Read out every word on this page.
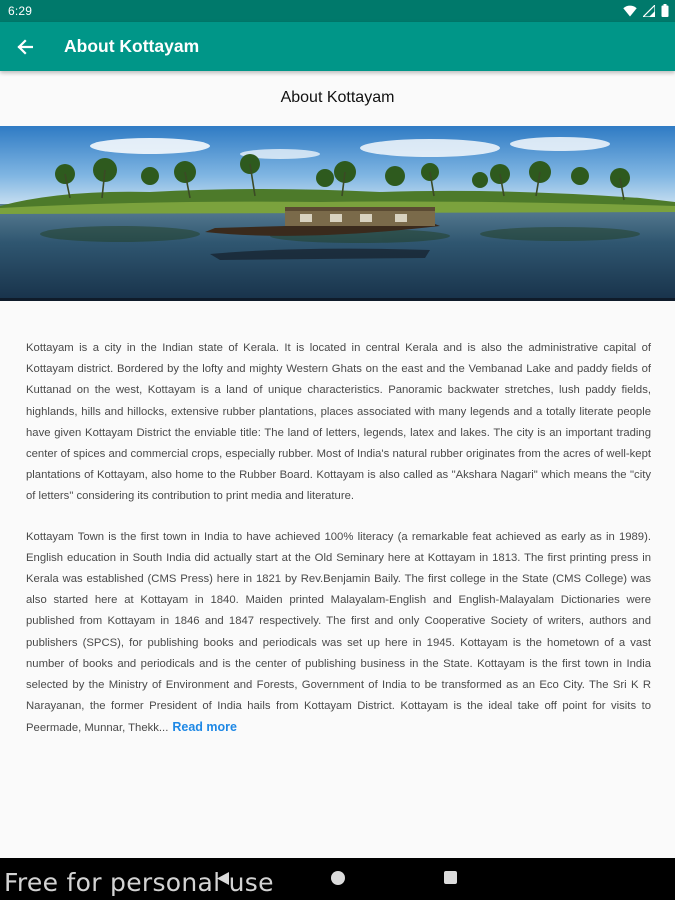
6:29
About Kottayam
About Kottayam

Kottayam is a city in the Indian state of Kerala. It is located in central Kerala and is also the administrative capital of Kottayam district. Bordered by the lofty and mighty Western Ghats on the east and the Vembanad Lake and paddy fields of Kuttanad on the west, Kottayam is a land of unique characteristics. Panoramic backwater stretches, lush paddy fields, highlands, hills and hillocks, extensive rubber plantations, places associated with many legends and a totally literate people have given Kottayam District the enviable title: The land of letters, legends, latex and lakes. The city is an important trading center of spices and commercial crops, especially rubber. Most of India's natural rubber originates from the acres of well-kept plantations of Kottayam, also home to the Rubber Board. Kottayam is also called as "Akshara Nagari" which means the "city of letters" considering its contribution to print media and literature.

Kottayam Town is the first town in India to have achieved 100% literacy (a remarkable feat achieved as early as in 1989). English education in South India did actually start at the Old Seminary here at Kottayam in 1813. The first printing press in Kerala was established (CMS Press) here in 1821 by Rev.Benjamin Baily. The first college in the State (CMS College) was also started here at Kottayam in 1840. Maiden printed Malayalam-English and English-Malayalam Dictionaries were published from Kottayam in 1846 and 1847 respectively. The first and only Cooperative Society of writers, authors and publishers (SPCS), for publishing books and periodicals was set up here in 1945. Kottayam is the hometown of a vast number of books and periodicals and is the center of publishing business in the State. Kottayam is the first town in India selected by the Ministry of Environment and Forests, Government of India to be transformed as an Eco City. The Sri K R Narayanan, the former President of India hails from Kottayam District. Kottayam is the ideal take off point for visits to Peermade, Munnar, Thekk... Read more

Free for personal use
